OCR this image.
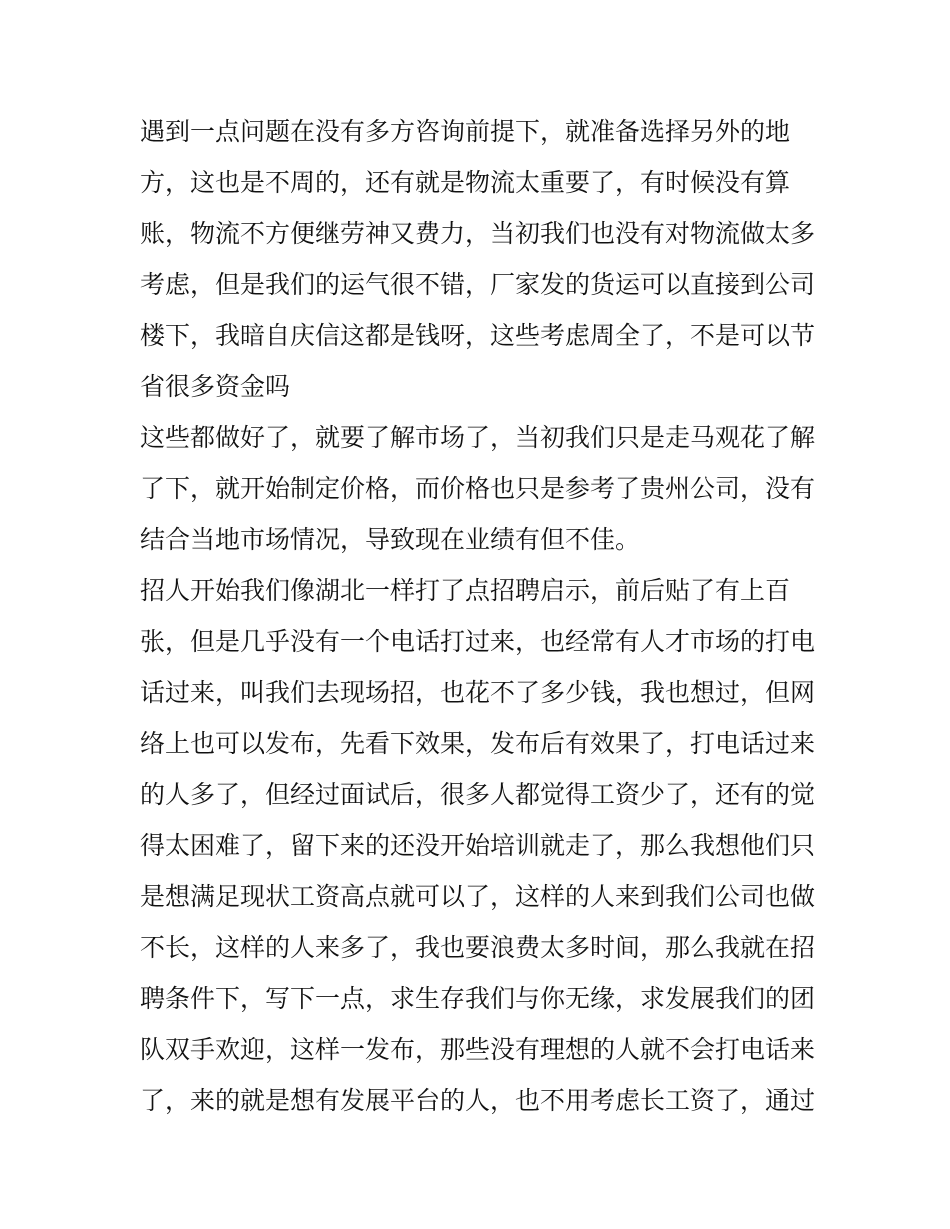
遇到一点问题在没有多方咨询前提下，就准备选择另外的地
方，这也是不周的，还有就是物流太重要了，有时候没有算
账，物流不方便继劳神又费力，当初我们也没有对物流做太多
考虑，但是我们的运气很不错，厂家发的货运可以直接到公司
楼下，我暗自庆信这都是钱呀，这些考虑周全了，不是可以节
省很多资金吗
这些都做好了，就要了解市场了，当初我们只是走马观花了解
了下，就开始制定价格，而价格也只是参考了贵州公司，没有
结合当地市场情况，导致现在业绩有但不佳。
招人开始我们像湖北一样打了点招聘启示，前后贴了有上百
张，但是几乎没有一个电话打过来，也经常有人才市场的打电
话过来，叫我们去现场招，也花不了多少钱，我也想过，但网
络上也可以发布，先看下效果，发布后有效果了，打电话过来
的人多了，但经过面试后，很多人都觉得工资少了，还有的觉
得太困难了，留下来的还没开始培训就走了，那么我想他们只
是想满足现状工资高点就可以了，这样的人来到我们公司也做
不长，这样的人来多了，我也要浪费太多时间，那么我就在招
聘条件下，写下一点，求生存我们与你无缘，求发展我们的团
队双手欢迎，这样一发布，那些没有理想的人就不会打电话来
了，来的就是想有发展平台的人，也不用考虑长工资了，通过
